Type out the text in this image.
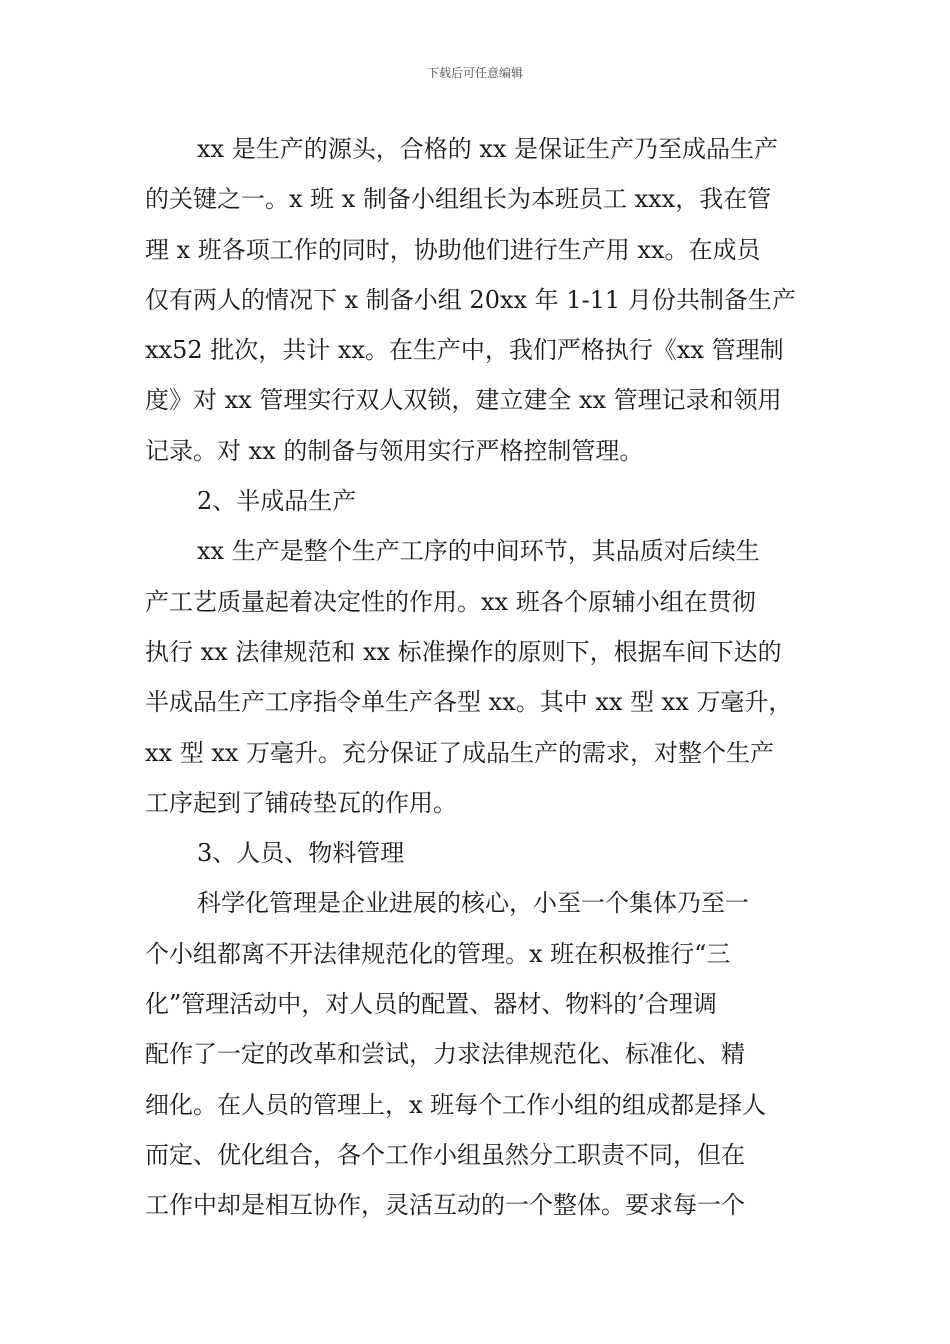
下载后可任意编辑
xx 是生产的源头，合格的 xx 是保证生产乃至成品生产
的关键之一。x 班 x 制备小组组长为本班员工 xxx，我在管
理 x 班各项工作的同时，协助他们进行生产用 xx。在成员
仅有两人的情况下 x 制备小组 20xx 年 1-11 月份共制备生产
xx52 批次，共计 xx。在生产中，我们严格执行《xx 管理制
度》对 xx 管理实行双人双锁，建立建全 xx 管理记录和领用
记录。对 xx 的制备与领用实行严格控制管理。
2、半成品生产
xx 生产是整个生产工序的中间环节，其品质对后续生
产工艺质量起着决定性的作用。xx 班各个原辅小组在贯彻
执行 xx 法律规范和 xx 标准操作的原则下，根据车间下达的
半成品生产工序指令单生产各型 xx。其中 xx 型 xx 万毫升，
xx 型 xx 万毫升。充分保证了成品生产的需求，对整个生产
工序起到了铺砖垫瓦的作用。
3、人员、物料管理
科学化管理是企业进展的核心，小至一个集体乃至一
个小组都离不开法律规范化的管理。x 班在积极推行“三
化”管理活动中，对人员的配置、器材、物料的’合理调
配作了一定的改革和尝试，力求法律规范化、标准化、精
细化。在人员的管理上，x 班每个工作小组的组成都是择人
而定、优化组合，各个工作小组虽然分工职责不同，但在
工作中却是相互协作，灵活互动的一个整体。要求每一个
